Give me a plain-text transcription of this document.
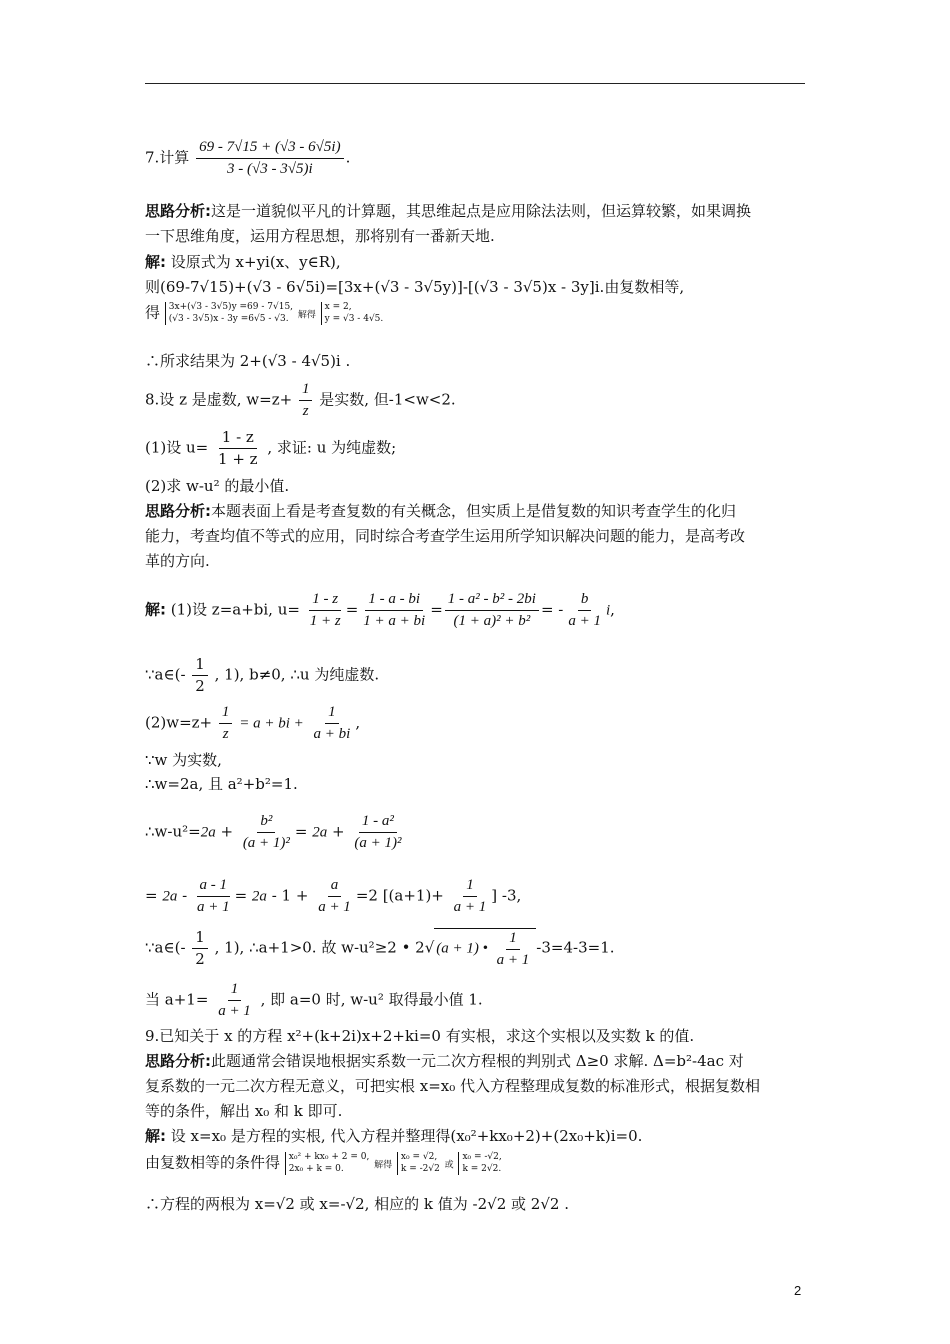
7.计算 $\frac{69 - 7√15 + (√3 - 6√5i)}{3 - (√3 - 3√5)i}$ .
思路分析:这是一道貌似平凡的计算题，其思维起点是应用除法法则，但运算较繁，如果调换
一下思维角度，运用方程思想，那将别有一番新天地.
解: 设原式为 x+yi(x、y∈R),
则(69-7√15)+(√3 - 6√5i)=[3x+(√3 - 3√5y)]-[(√3 - 3√5)x - 3y]i.由复数相等,
得 3x+(√3 - 3√5)y =69 - 7√15,
(√3 - 3√5)x - 3y =6√5 - √3.	解得
x = 2,
y = √3 - 4√5.
∴所求结果为 2+(√3 - 4√5)i .
8.设 z 是虚数, $w=z+ \frac{1}{z}$ 是实数, 但-1<w<2.
(1)设 $u= \frac{1 - z}{1 + z}$ , 求证: u 为纯虚数;
(2)求 w-u² 的最小值.
思路分析:本题表面上看是考查复数的有关概念，但实质上是借复数的知识考查学生的化归
能力，考查均值不等式的应用，同时综合考查学生运用所学知识解决问题的能力，是高考改
革的方向.
解: (1)设 z=a+bi, $u= \frac{1 - z}{1 + z} = \frac{1 - a - bi}{1 + a + bi} = \frac{\text{1 - a² - b² - 2bi}}{\text{(1 + a)² + b²}}$ = - $\frac{b}{a + 1} i$,
∵a∈(- $\frac{1}{2}$ , 1), b≠0, ∴u 为纯虚数.
$(2)w=z+ \frac{1}{z} = a$ + bi + $\frac{1}{a + bi}$ ,
∵w 为实数,
∴w=2a, 且 a²+b²=1.
∴w-u²=2a + $\frac{\text{b²}}{\text{(a + 1)²}} = 2a + \frac{\text{1 - a²}}{\text{(a + 1)²}}$
= $2a - \frac{a - 1}{a + 1} = 2a - 1 + \frac{a}{a + 1} =2$ [$(a+1)+ \frac{1}{a + 1}$ ] -3,
∵a∈(- $\frac{1}{2}$ , 1), ∴a+1>0. 故 w-u²≥2 • 2√ (a + 1) • $\frac{1}{a + 1} -3=4-3=1$.
当 $a+1= \frac{1}{a + 1}$ , 即 a=0 时, w-u² 取得最小值 1.
9.已知关于 x 的方程 x²+(k+2i)x+2+ki=0 有实根，求这个实根以及实数 k 的值.
思路分析:此题通常会错误地根据实系数一元二次方程根的判别式 Δ≥0 求解. Δ=b²-4ac 对
复系数的一元二次方程无意义，可把实根 x=x₀ 代入方程整理成复数的标准形式，根据复数相
等的条件，解出 x₀ 和 k 即可.
解: 设 x=x₀ 是方程的实根, 代入方程并整理得(x₀²+kx₀+2)+(2x₀+k)i=0.
由复数相等的条件得 x₀² + kx₀ + 2 = 0,
2x₀ + k = 0.	解得
x₀ = √2,
k = -2√2 或
x₀ = -√2,
k = 2√2.
∴方程的两根为 x=√2 或 x=-√2, 相应的 k 值为 -2√2 或 2√2 .
2
